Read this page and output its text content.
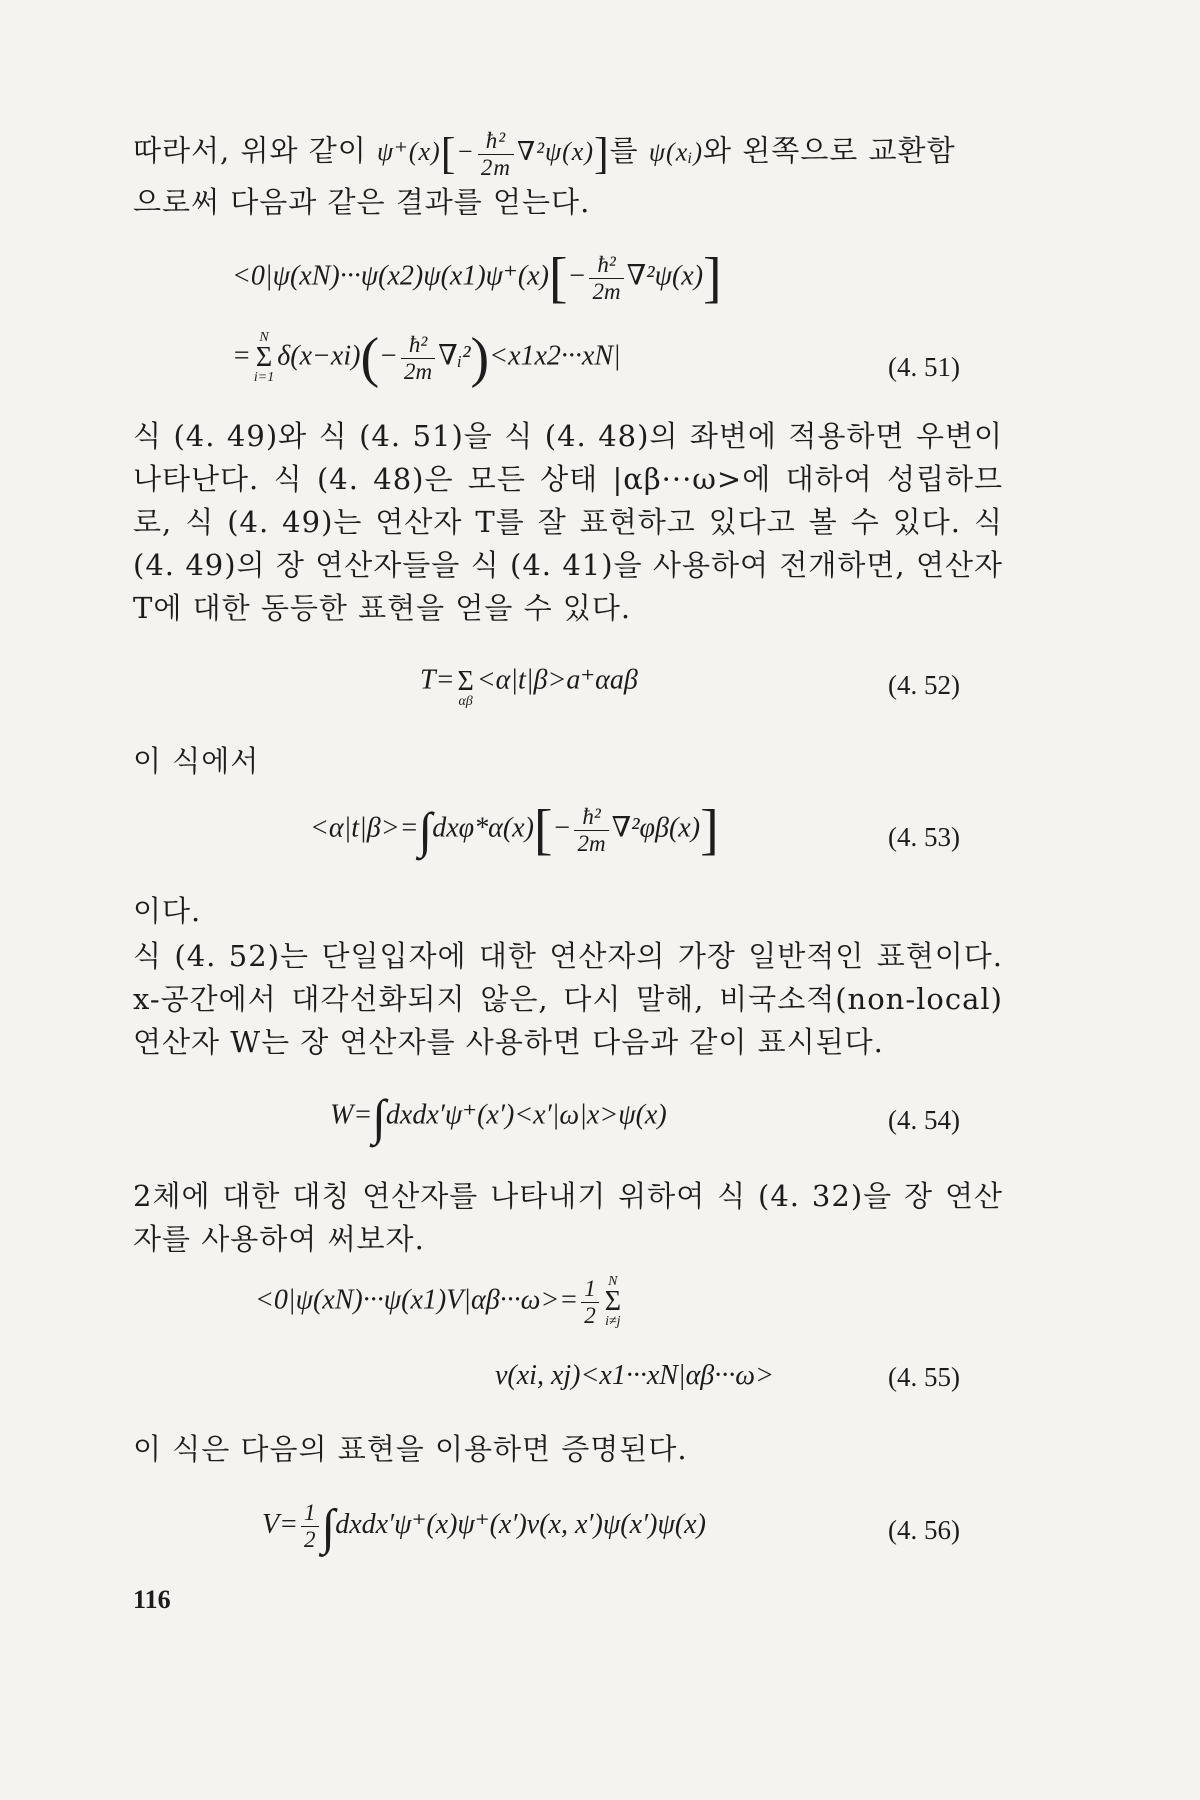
따라서, 위와 같이 $\psi^+(x)[- \frac{\text{ħ²}}{2m} \nabla^2\psi(x)]$를 ψ(xᵢ)와 왼쪽으로 교환함
으로써 다음과 같은 결과를 얻는다.
$<0|\psi(xN)\cdot\cdot\cdot\psi(x2)\psi(x1)\psi^+(x)[- \frac{\text{ħ²}}{2m} \nabla^2\psi(x)]$
=
N
Σ
i=1
$\delta(x-xi)(- \frac{\text{ħ²}}{2m}$ ∇ᵢ²)<x1x2···xN|	(4. 51)
식 (4. 49)와 식 (4. 51)을 식 (4. 48)의 좌변에 적용하면 우변이 나타난다. 식 (4. 48)은 모든 상태 |αβ···ω>에 대하여 성립하므로, 식 (4. 49)는 연산자 T를 잘 표현하고 있다고 볼 수 있다. 식 (4. 49)의 장 연산자들을 식 (4. 41)을 사용하여 전개하면, 연산자 T에 대한 동등한 표현을 얻을 수 있다.
T=
Σ
αβ
<α|t|β>a⁺αaβ	(4. 52)
이 식에서
$<\alpha|t|\beta>=\int dx\varphi*\alpha(x)[- \frac{\text{ħ²}}{2m} \nabla^2\varphi\beta(x)]$	(4. 53)
이다.
식 (4. 52)는 단일입자에 대한 연산자의 가장 일반적인 표현이다. x-공간에서 대각선화되지 않은, 다시 말해, 비국소적(non-local) 연산자 W는 장 연산자를 사용하면 다음과 같이 표시된다.
W=∫dxdx′ψ⁺(x′)<x′|ω|x>ψ(x)	(4. 54)
2체에 대한 대칭 연산자를 나타내기 위하여 식 (4. 32)을 장 연산자를 사용하여 써보자.
$<0|\psi(xN)\cdot\cdot\cdot\psi(x1)V|\alpha\beta\cdot\cdot\cdot\omega>= \frac{1}{2}$ N
Σ
i≠j
v(xi, xj)<x1···xN|αβ···ω>	(4. 55)
이 식은 다음의 표현을 이용하면 증명된다.
$V= \frac{1}{2}$ ∫dxdx′ψ⁺(x)ψ⁺(x′)v(x, x′)ψ(x′)ψ(x)	(4. 56)
116
